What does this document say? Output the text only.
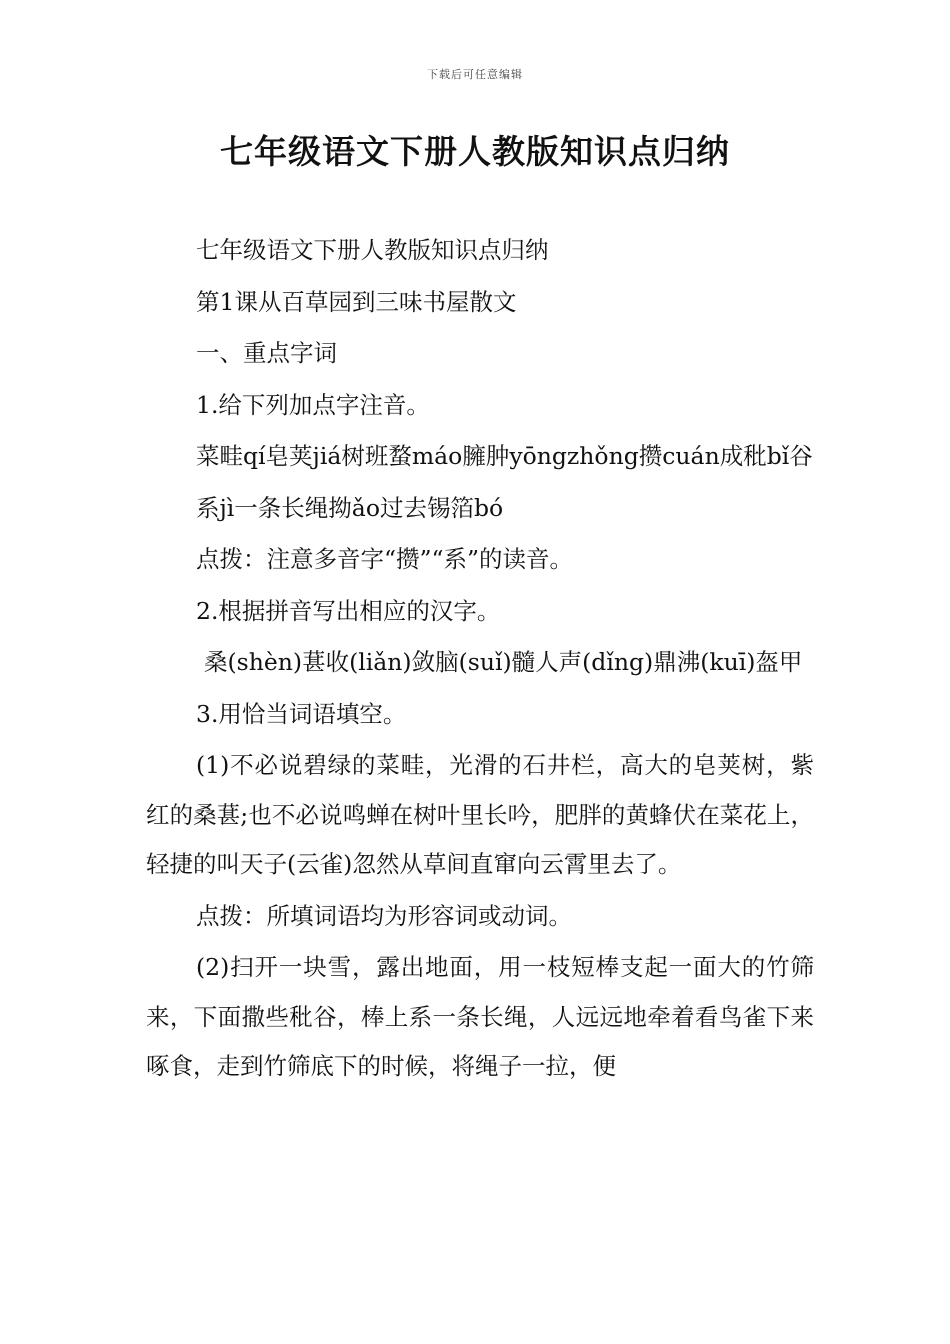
下载后可任意编辑
七年级语文下册人教版知识点归纳

七年级语文下册人教版知识点归纳

第1课从百草园到三味书屋散文

一、重点字词

1.给下列加点字注音。

菜畦qí皂荚jiá树班蝥máo臃肿yōngzhǒng攒cuán成秕bǐ谷

系jì一条长绳拗ǎo过去锡箔bó

点拨：注意多音字“攒”“系”的读音。

2.根据拼音写出相应的汉字。

桑(shèn)葚收(liǎn)敛脑(suǐ)髓人声(dǐng)鼎沸(kuī)盔甲

3.用恰当词语填空。

(1)不必说碧绿的菜畦，光滑的石井栏，高大的皂荚树，紫红的桑葚;也不必说鸣蝉在树叶里长吟，肥胖的黄蜂伏在菜花上，轻捷的叫天子(云雀)忽然从草间直窜向云霄里去了。

点拨：所填词语均为形容词或动词。

(2)扫开一块雪，露出地面，用一枝短棒支起一面大的竹筛来，下面撒些秕谷，棒上系一条长绳，人远远地牵着看鸟雀下来啄食，走到竹筛底下的时候，将绳子一拉，便
